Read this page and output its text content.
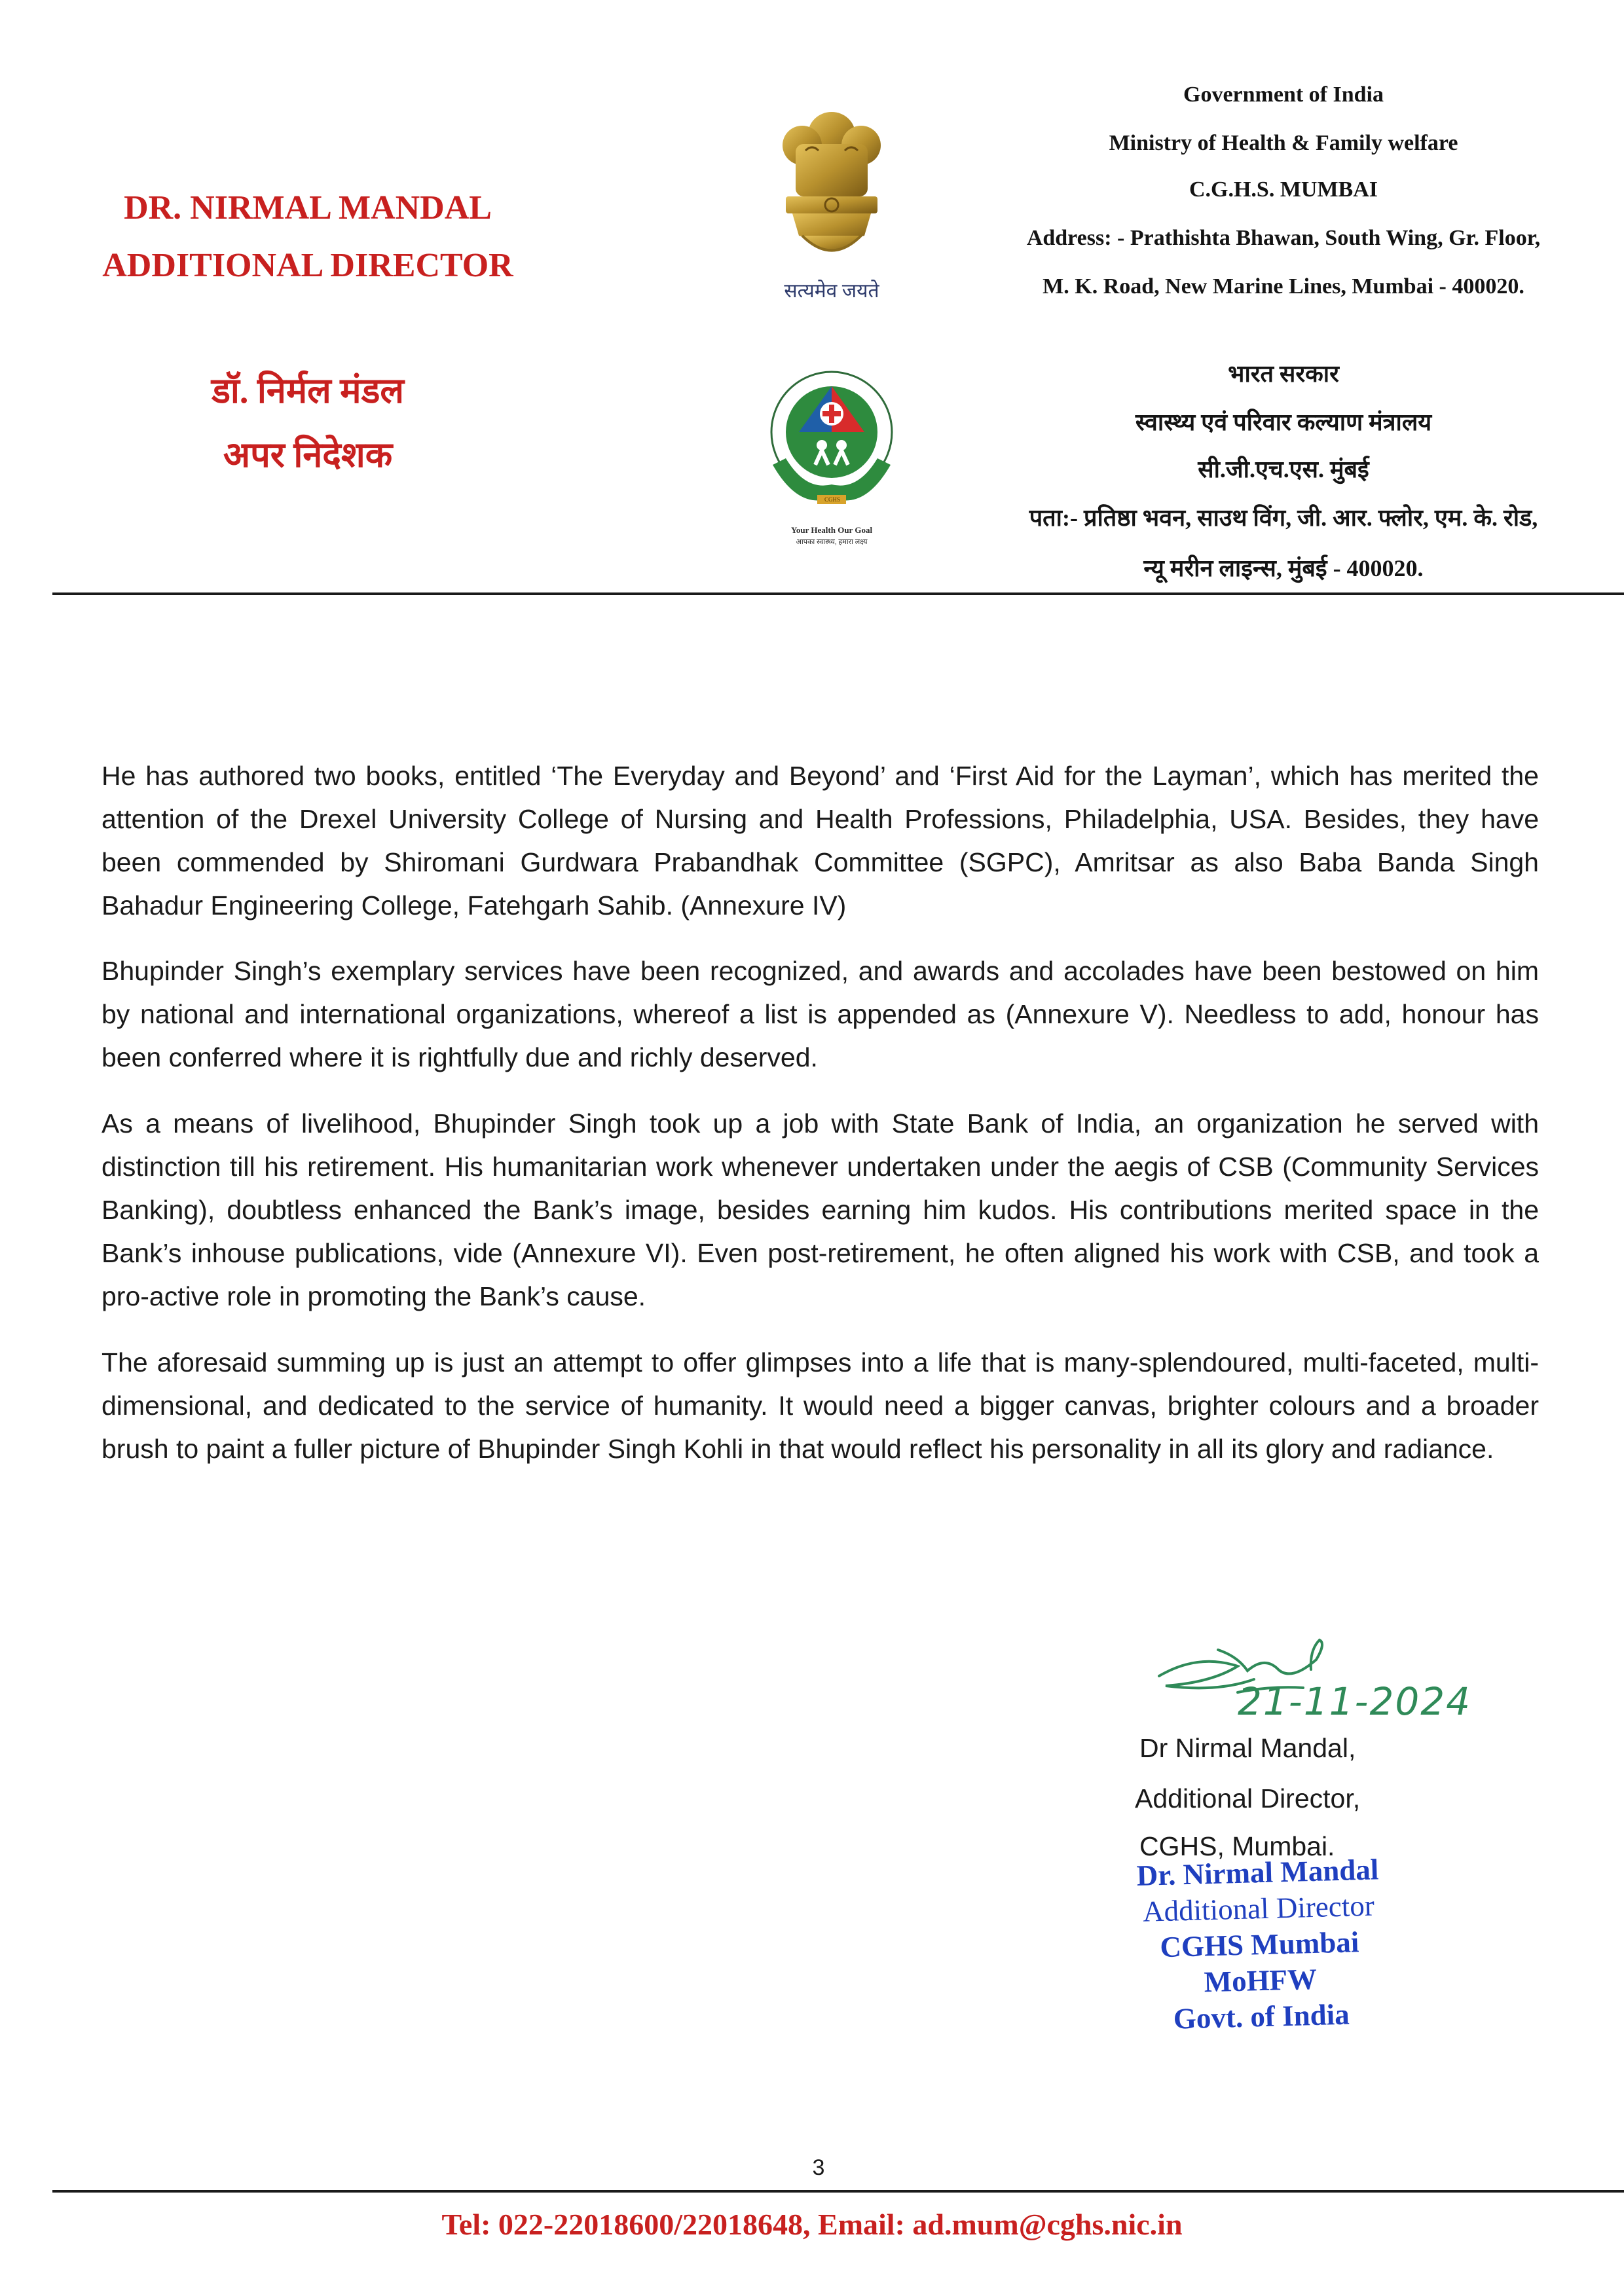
DR. NIRMAL MANDAL
ADDITIONAL DIRECTOR
डॉ. निर्मल मंडल
अपर निदेशक
सत्यमेव जयते
CGHS
Your Health Our Goal
आपका स्वास्थ्य, हमारा लक्ष्य
Government of India
Ministry of Health & Family welfare
C.G.H.S. MUMBAI
Address: - Prathishta Bhawan, South Wing, Gr. Floor,
M. K. Road, New Marine Lines, Mumbai - 400020.
भारत सरकार
स्वास्थ्य एवं परिवार कल्याण मंत्रालय
सी.जी.एच.एस. मुंबई
पता:- प्रतिष्ठा भवन, साउथ विंग, जी. आर. फ्लोर, एम. के. रोड,
न्यू मरीन लाइन्स, मुंबई - 400020.

He has authored two books, entitled ‘The Everyday and Beyond’ and ‘First Aid for the Layman’, which has merited the attention of the Drexel University College of Nursing and Health Professions, Philadelphia, USA. Besides, they have been commended by Shiromani Gurdwara Prabandhak Committee (SGPC), Amritsar as also Baba Banda Singh Bahadur Engineering College, Fatehgarh Sahib. (Annexure IV)

Bhupinder Singh’s exemplary services have been recognized, and awards and accolades have been bestowed on him by national and international organizations, whereof a list is appended as (Annexure V). Needless to add, honour has been conferred where it is rightfully due and richly deserved.

As a means of livelihood, Bhupinder Singh took up a job with State Bank of India, an organization he served with distinction till his retirement. His humanitarian work whenever undertaken under the aegis of CSB (Community Services Banking), doubtless enhanced the Bank’s image, besides earning him kudos. His contributions merited space in the Bank’s inhouse publications, vide (Annexure VI). Even post-retirement, he often aligned his work with CSB, and took a pro-active role in promoting the Bank’s cause.

The aforesaid summing up is just an attempt to offer glimpses into a life that is many-splendoured, multi-faceted, multi-dimensional, and dedicated to the service of humanity. It would need a bigger canvas, brighter colours and a broader brush to paint a fuller picture of Bhupinder Singh Kohli in that would reflect his personality in all its glory and radiance.

21-11-2024
Dr Nirmal Mandal,
Additional Director,
CGHS, Mumbai.
Dr. Nirmal Mandal
Additional Director
CGHS Mumbai
MoHFW
Govt. of India
3
Tel: 022-22018600/22018648, Email: ad.mum@cghs.nic.in
